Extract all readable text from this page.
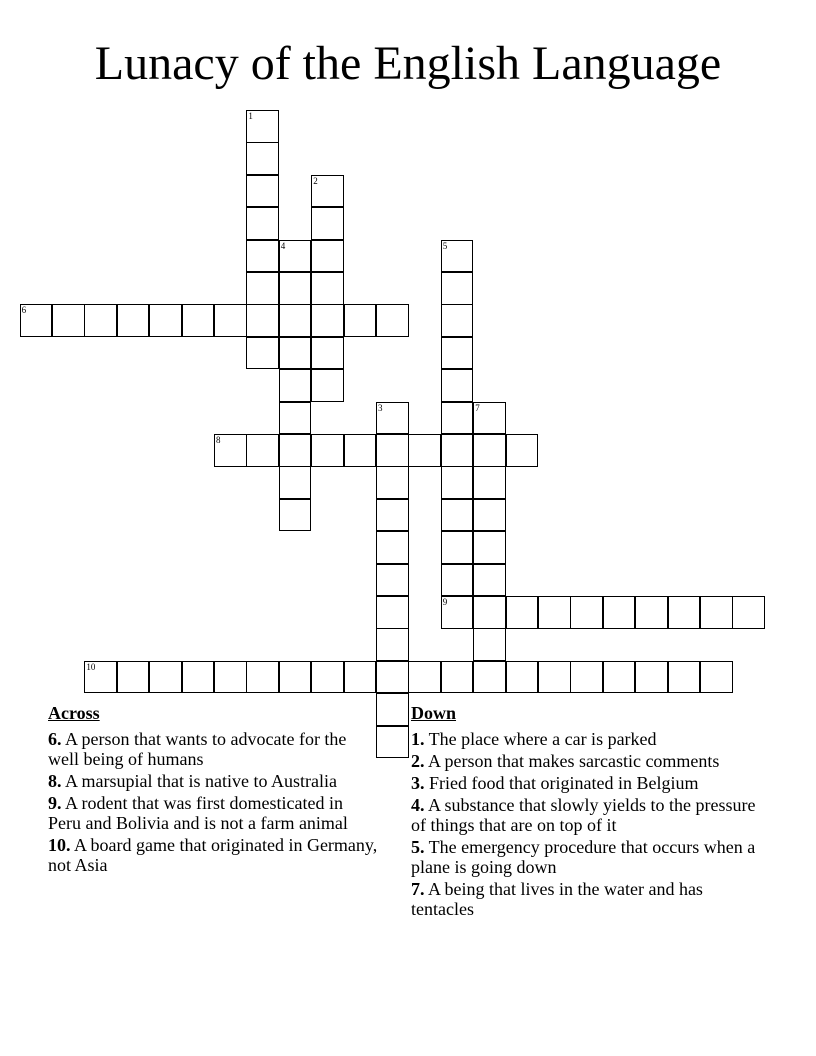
Lunacy of the English Language
1
2
3
4	5
6
7
8
9
10
Across
6. A person that wants to advocate for the well being of humans
8. A marsupial that is native to Australia
9. A rodent that was first domesticated in Peru and Bolivia and is not a farm animal
10. A board game that originated in Germany, not Asia
Down
1. The place where a car is parked
2. A person that makes sarcastic comments
3. Fried food that originated in Belgium
4. A substance that slowly yields to the pressure of things that are on top of it
5. The emergency procedure that occurs when a plane is going down
7. A being that lives in the water and has tentacles
